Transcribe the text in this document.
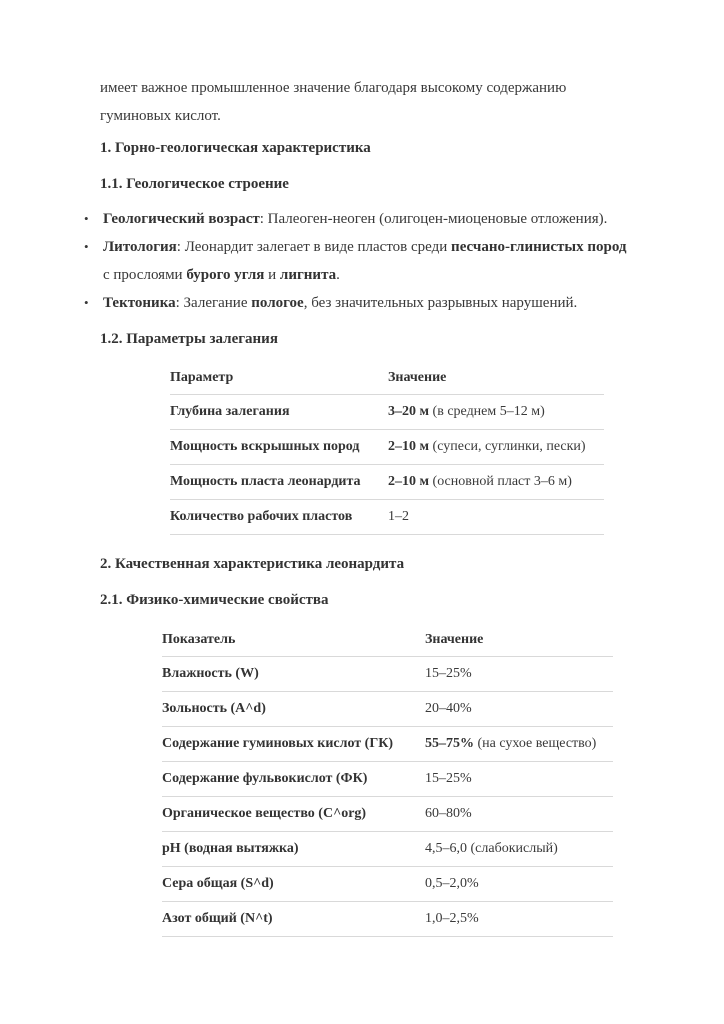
имеет важное промышленное значение благодаря высокому содержанию гуминовых кислот.

1. Горно-геологическая характеристика
1.1. Геологическое строение
• Геологический возраст: Палеоген-неоген (олигоцен-миоценовые отложения).
• Литология: Леонардит залегает в виде пластов среди песчано-глинистых пород с прослоями бурого угля и лигнита.
• Тектоника: Залегание пологое, без значительных разрывных нарушений.
1.2. Параметры залегания
Параметр	Значение
Глубина залегания	3–20 м (в среднем 5–12 м)
Мощность вскрышных пород	2–10 м (супеси, суглинки, пески)
Мощность пласта леонардита	2–10 м (основной пласт 3–6 м)
Количество рабочих пластов	1–2
2. Качественная характеристика леонардита
2.1. Физико-химические свойства
Показатель	Значение
Влажность (W)	15–25%
Зольность (A^d)	20–40%
Содержание гуминовых кислот (ГК)	55–75% (на сухое вещество)
Содержание фульвокислот (ФК)	15–25%
Органическое вещество (C^org)	60–80%
pH (водная вытяжка)	4,5–6,0 (слабокислый)
Сера общая (S^d)	0,5–2,0%
Азот общий (N^t)	1,0–2,5%
